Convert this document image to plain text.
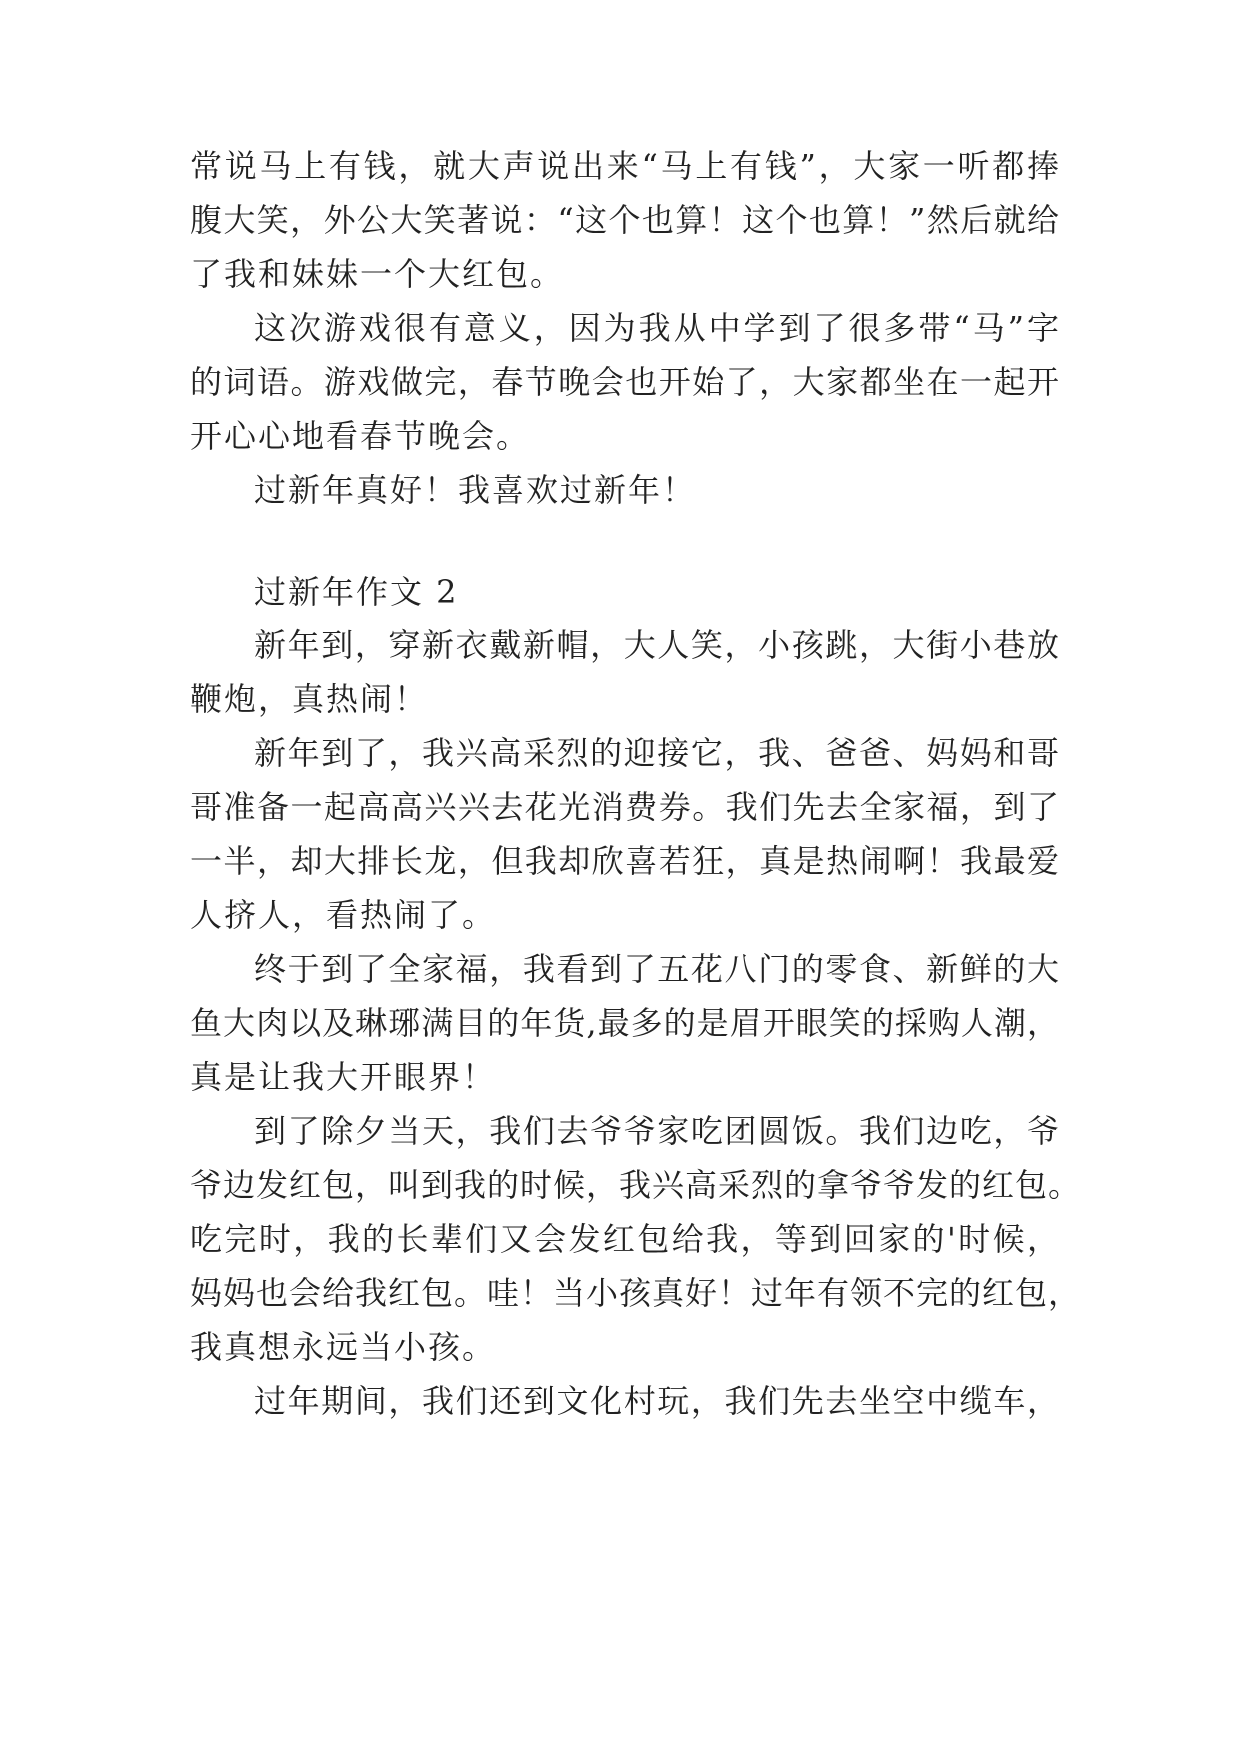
常说马上有钱，就大声说出来“马上有钱”，大家一听都捧
腹大笑，外公大笑著说：“这个也算！这个也算！”然后就给
了我和妹妹一个大红包。
这次游戏很有意义，因为我从中学到了很多带“马”字
的词语。游戏做完，春节晚会也开始了，大家都坐在一起开
开心心地看春节晚会。
过新年真好！我喜欢过新年！
过新年作文 2
新年到，穿新衣戴新帽，大人笑，小孩跳，大街小巷放
鞭炮，真热闹！
新年到了，我兴高采烈的迎接它，我、爸爸、妈妈和哥
哥准备一起高高兴兴去花光消费券。我们先去全家福，到了
一半，却大排长龙，但我却欣喜若狂，真是热闹啊！我最爱
人挤人，看热闹了。
终于到了全家福，我看到了五花八门的零食、新鲜的大
鱼大肉以及琳琊满目的年货,最多的是眉开眼笑的採购人潮，
真是让我大开眼界！
到了除夕当天，我们去爷爷家吃团圆饭。我们边吃，爷
爷边发红包，叫到我的时候，我兴高采烈的拿爷爷发的红包。
吃完时，我的长辈们又会发红包给我，等到回家的'时候，
妈妈也会给我红包。哇！当小孩真好！过年有领不完的红包，
我真想永远当小孩。
过年期间，我们还到文化村玩，我们先去坐空中缆车，
